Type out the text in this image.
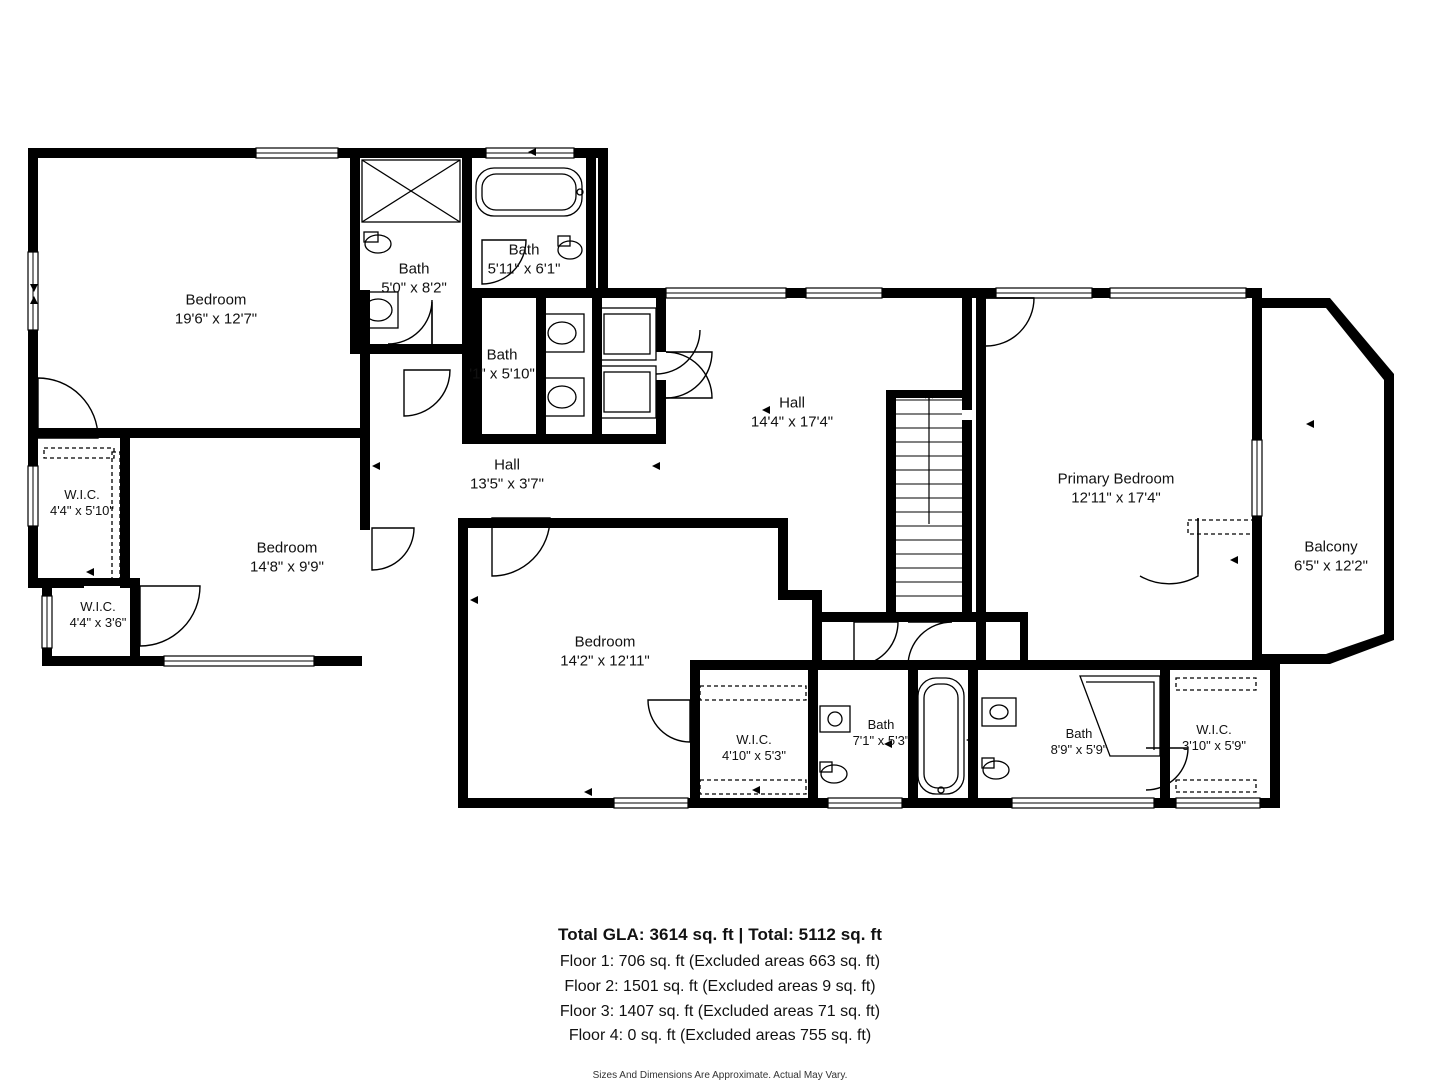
Bedroom
19'6" x 12'7"
Bath
5'0" x 8'2"
Bath
5'11" x 6'1"
Bath
'1" x 5'10"
Hall
14'4" x 17'4"
Primary Bedroom
12'11" x 17'4"
Balcony
6'5" x 12'2"
Hall
13'5" x 3'7"
W.I.C.
4'4" x 5'10"
W.I.C.
4'4" x 3'6"
Bedroom
14'8" x 9'9"
Bedroom
14'2" x 12'11"
W.I.C.
4'10" x 5'3"
Bath
7'1" x 5'3"	Bath
8'9" x 5'9"
W.I.C.
3'10" x 5'9"
Total GLA: 3614 sq. ft | Total: 5112 sq. ft
Floor 1: 706 sq. ft (Excluded areas 663 sq. ft)
Floor 2: 1501 sq. ft (Excluded areas 9 sq. ft)
Floor 3: 1407 sq. ft (Excluded areas 71 sq. ft)
Floor 4: 0 sq. ft (Excluded areas 755 sq. ft)
Sizes And Dimensions Are Approximate. Actual May Vary.
